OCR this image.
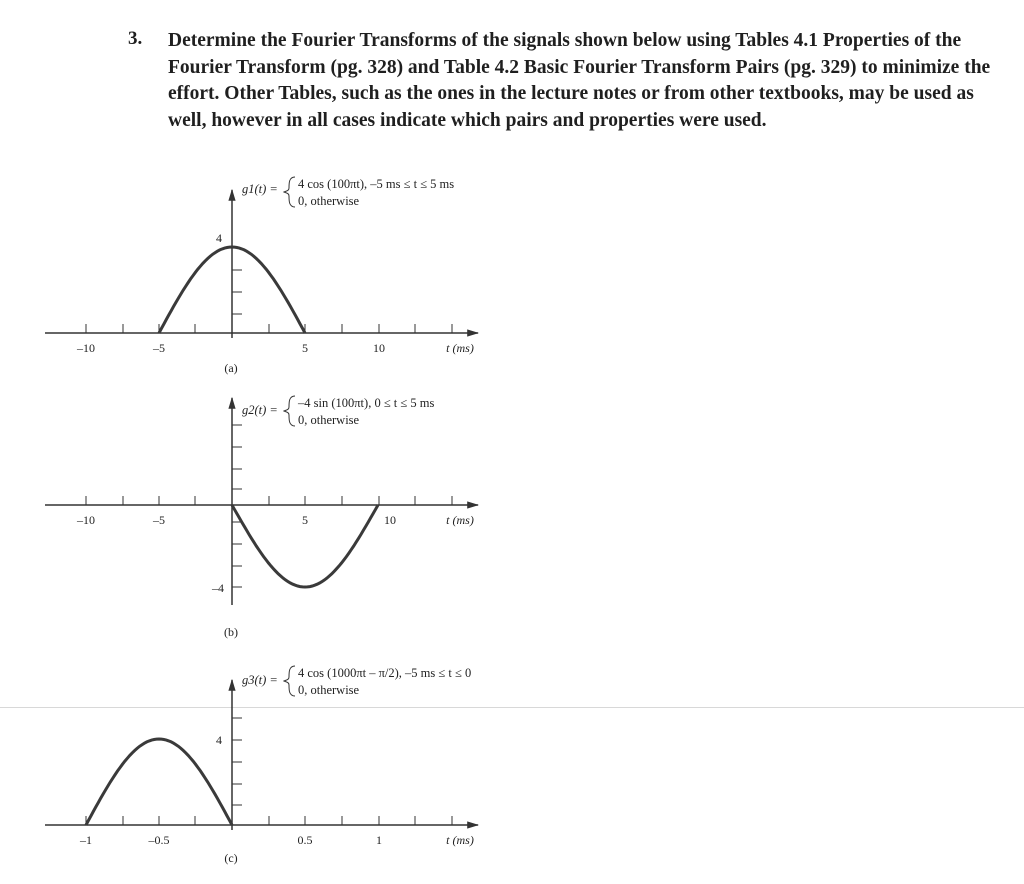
3. Determine the Fourier Transforms of the signals shown below using Tables 4.1 Properties of the Fourier Transform (pg. 328) and Table 4.2 Basic Fourier Transform Pairs (pg. 329) to minimize the effort. Other Tables, such as the ones in the lecture notes or from other textbooks, may be used as well, however in all cases indicate which pairs and properties were used.
–10	–5	5	10	t (ms)
4
g1(t) = 4 cos (100πt), –5 ms ≤ t ≤ 5 ms
0, otherwise
(a)
–10	–5	5	10	t (ms)
–4
g2(t) = –4 sin (100πt), 0 ≤ t ≤ 5 ms
0, otherwise
(b)
–1	–0.5	0.5	1	t (ms)
4
g3(t) = 4 cos (1000πt – π/2), –5 ms ≤ t ≤ 0
0, otherwise
(c)
